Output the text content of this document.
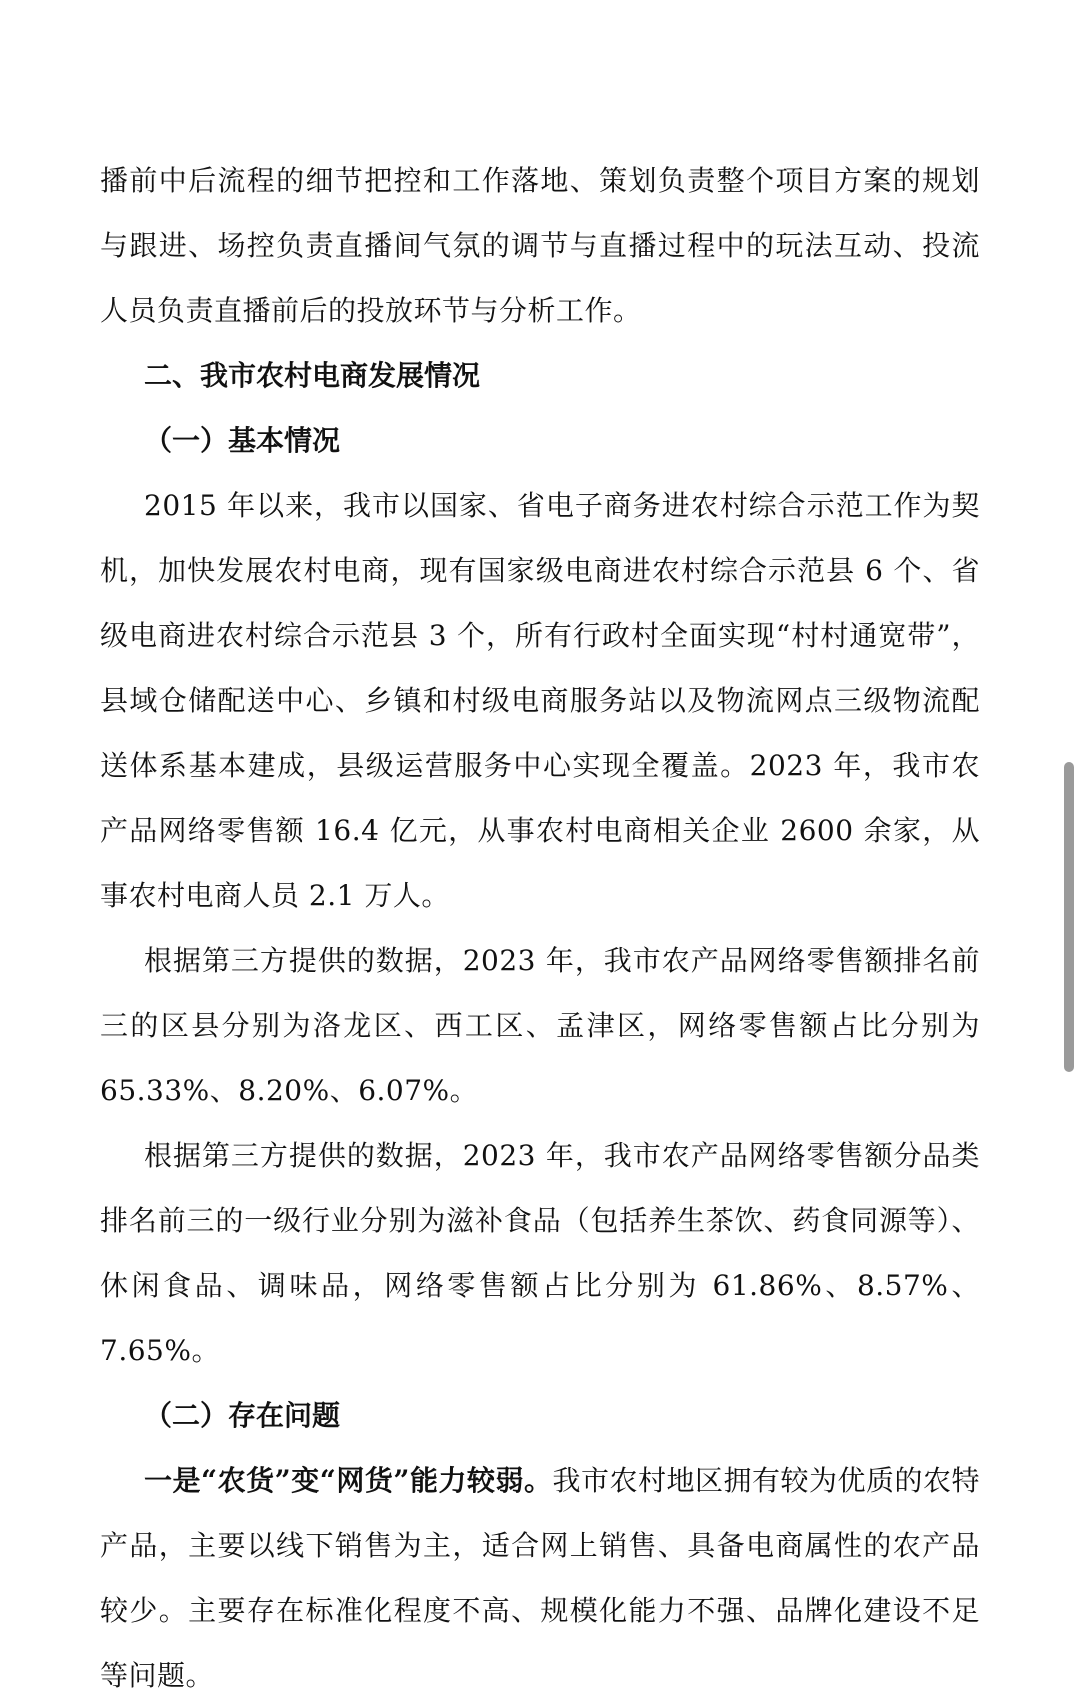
播前中后流程的细节把控和工作落地、策划负责整个项目方案的规划与跟进、场控负责直播间气氛的调节与直播过程中的玩法互动、投流人员负责直播前后的投放环节与分析工作。

二、我市农村电商发展情况

（一）基本情况

2015 年以来，我市以国家、省电子商务进农村综合示范工作为契机，加快发展农村电商，现有国家级电商进农村综合示范县 6 个、省级电商进农村综合示范县 3 个，所有行政村全面实现“村村通宽带”，县域仓储配送中心、乡镇和村级电商服务站以及物流网点三级物流配送体系基本建成，县级运营服务中心实现全覆盖。2023 年，我市农产品网络零售额 16.4 亿元，从事农村电商相关企业 2600 余家，从事农村电商人员 2.1 万人。

根据第三方提供的数据，2023 年，我市农产品网络零售额排名前三的区县分别为洛龙区、西工区、孟津区，网络零售额占比分别为 65.33%、8.20%、6.07%。

根据第三方提供的数据，2023 年，我市农产品网络零售额分品类排名前三的一级行业分别为滋补食品（包括养生茶饮、药食同源等）、休闲食品、调味品，网络零售额占比分别为 61.86%、8.57%、7.65%。

（二）存在问题

一是“农货”变“网货”能力较弱。我市农村地区拥有较为优质的农特产品，主要以线下销售为主，适合网上销售、具备电商属性的农产品较少。主要存在标准化程度不高、规模化能力不强、品牌化建设不足等问题。
